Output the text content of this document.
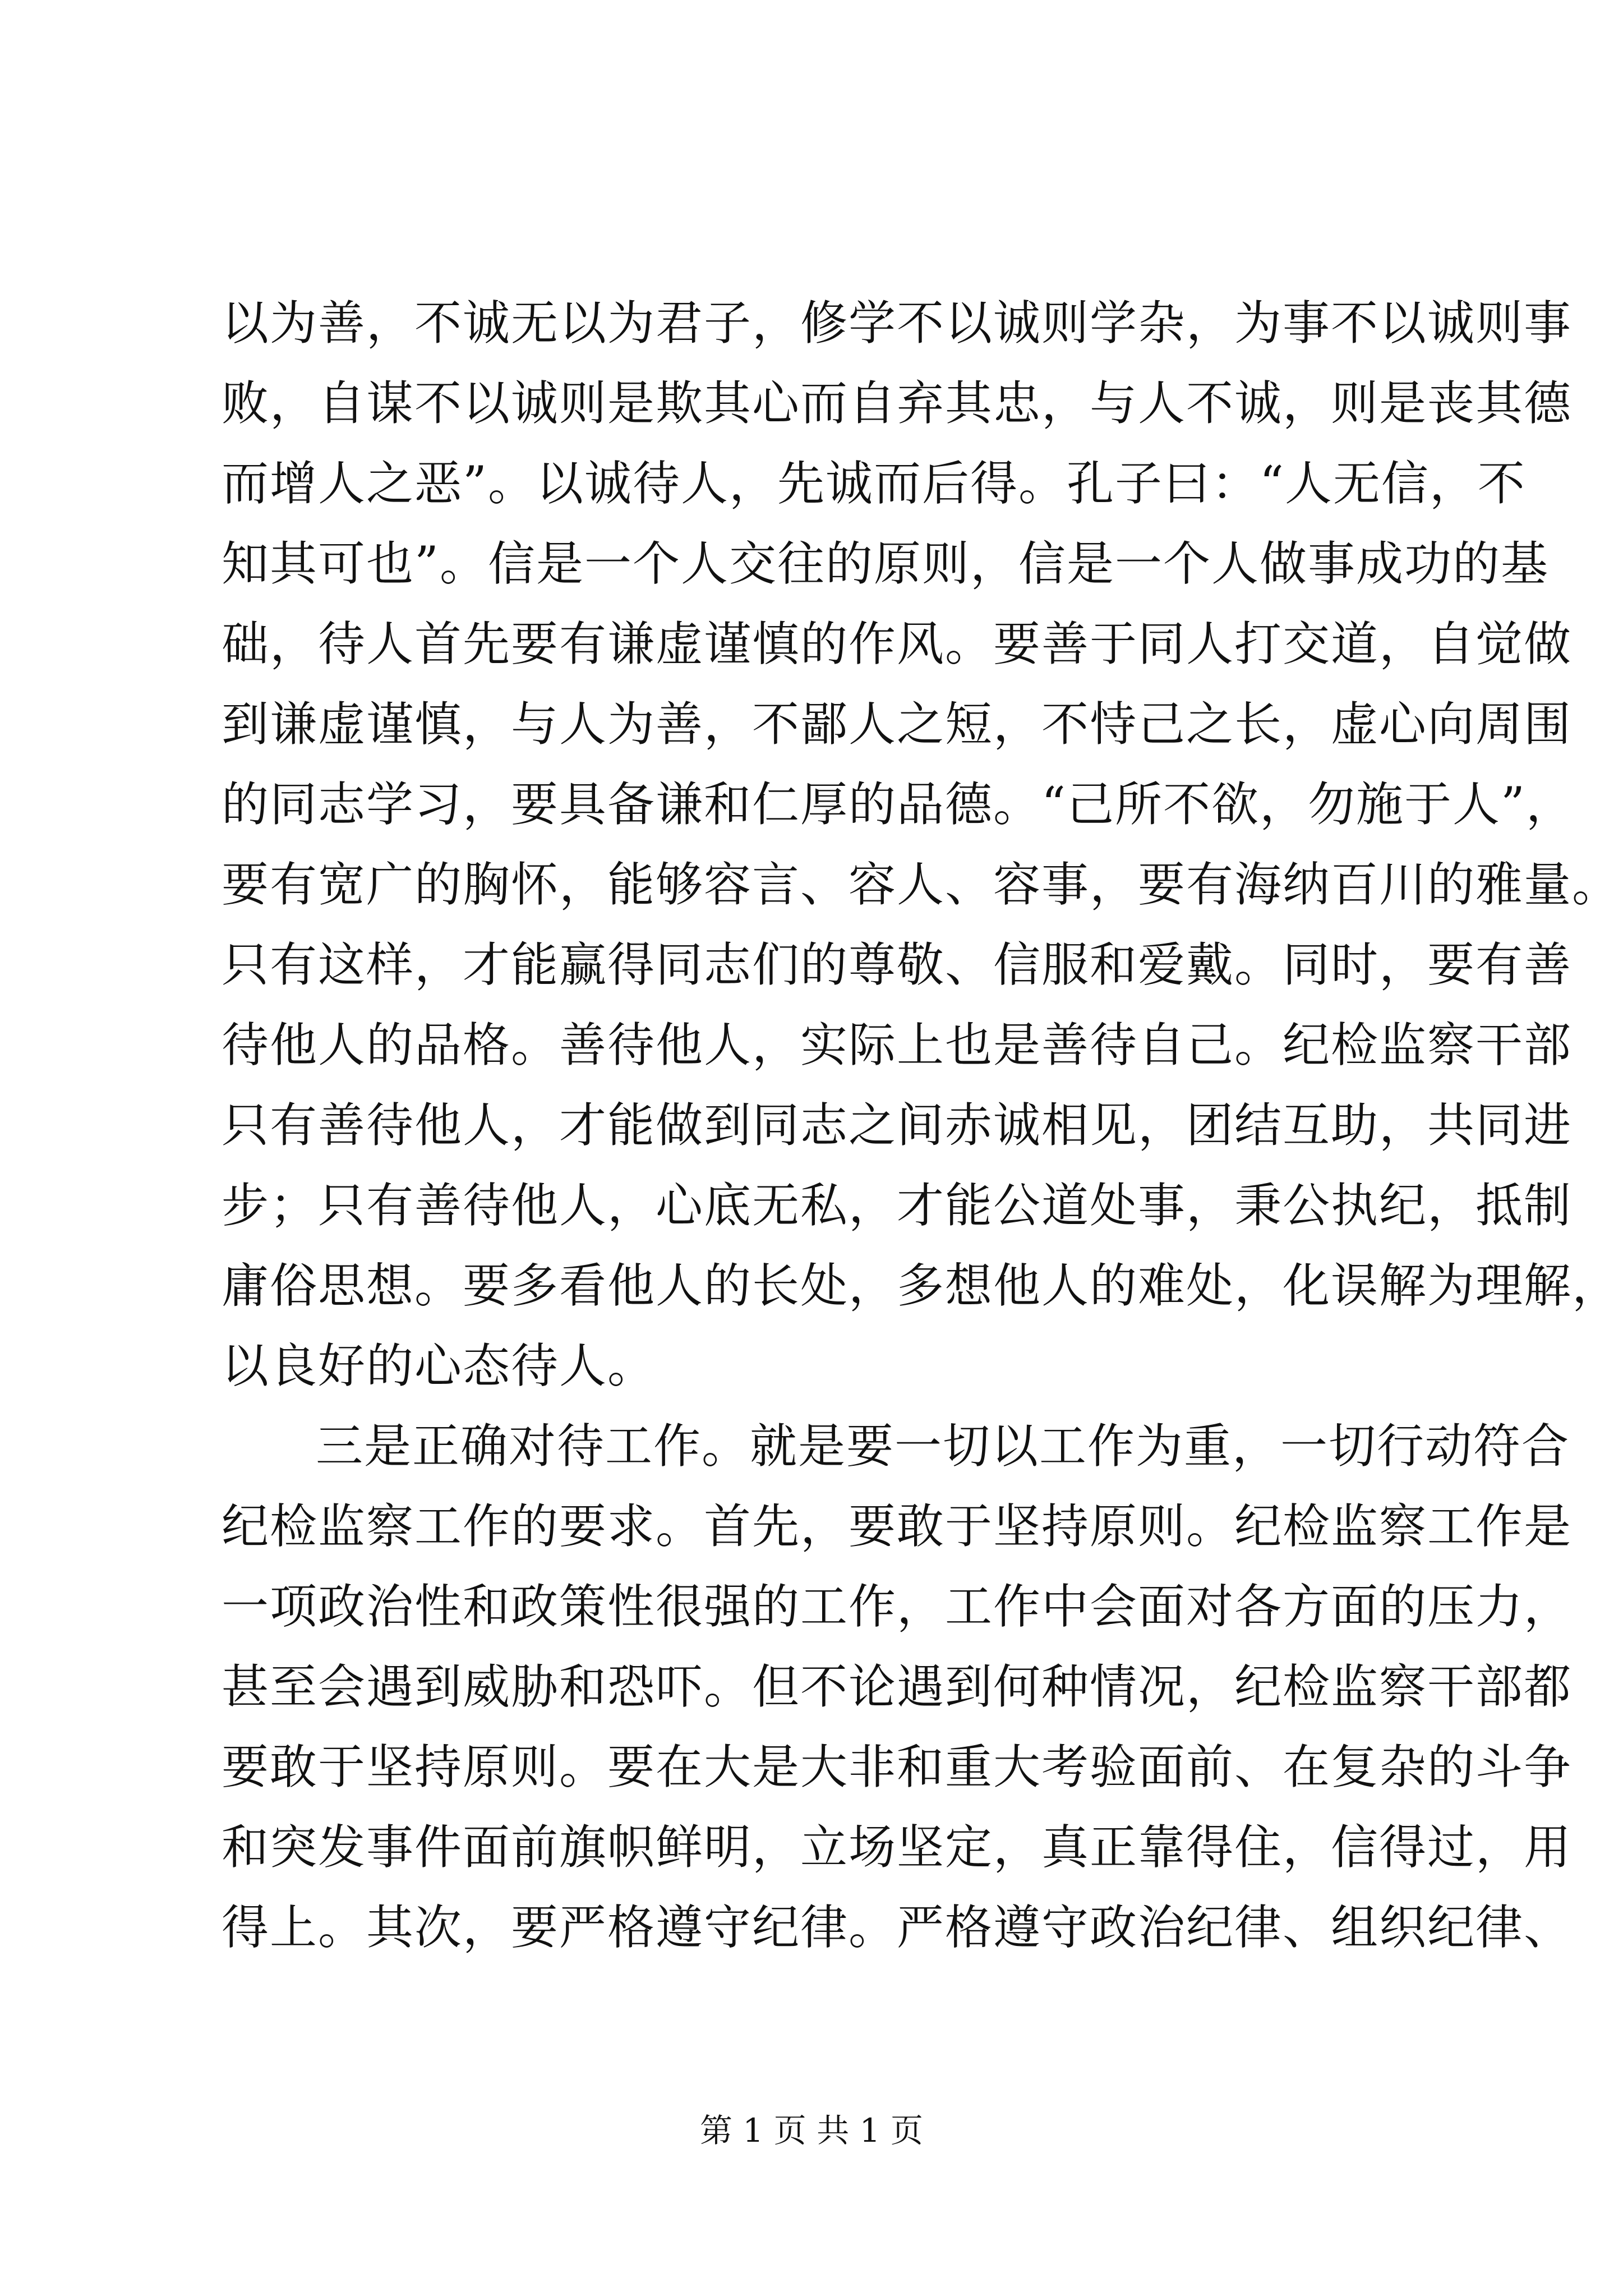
以为善，不诚无以为君子，修学不以诚则学杂，为事不以诚则事
败，自谋不以诚则是欺其心而自弃其忠，与人不诚，则是丧其德
而增人之恶”。以诚待人，先诚而后得。孔子曰：“人无信，不
知其可也”。信是一个人交往的原则，信是一个人做事成功的基
础，待人首先要有谦虚谨慎的作风。要善于同人打交道，自觉做
到谦虚谨慎，与人为善，不鄙人之短，不恃己之长，虚心向周围
的同志学习，要具备谦和仁厚的品德。“己所不欲，勿施于人”，
要有宽广的胸怀，能够容言、容人、容事，要有海纳百川的雅量。
只有这样，才能赢得同志们的尊敬、信服和爱戴。同时，要有善
待他人的品格。善待他人，实际上也是善待自己。纪检监察干部
只有善待他人，才能做到同志之间赤诚相见，团结互助，共同进
步；只有善待他人，心底无私，才能公道处事，秉公执纪，抵制
庸俗思想。要多看他人的长处，多想他人的难处，化误解为理解，
以良好的心态待人。
三是正确对待工作。就是要一切以工作为重，一切行动符合
纪检监察工作的要求。首先，要敢于坚持原则。纪检监察工作是
一项政治性和政策性很强的工作，工作中会面对各方面的压力，
甚至会遇到威胁和恐吓。但不论遇到何种情况，纪检监察干部都
要敢于坚持原则。要在大是大非和重大考验面前、在复杂的斗争
和突发事件面前旗帜鲜明，立场坚定，真正靠得住，信得过，用
得上。其次，要严格遵守纪律。严格遵守政治纪律、组织纪律、
第 1 页 共 1 页
